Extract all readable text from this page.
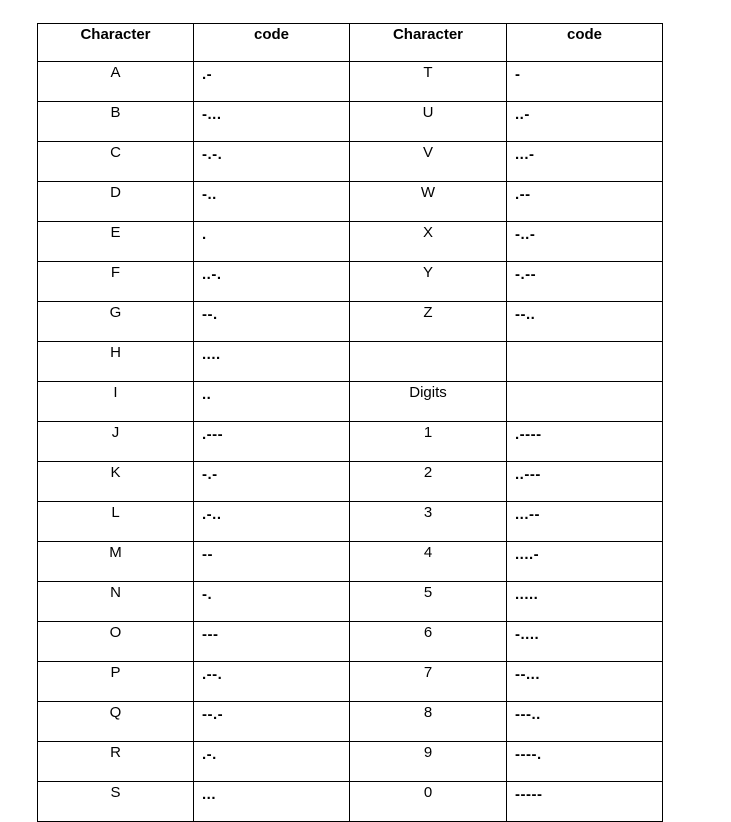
Character	code	Character	code
A	.-	T	-
B	-...	U	..-
C	-.-.	V	...-
D	-..	W	.--
E	.	X	-..-
F	..-.	Y	-.--
G	--.	Z	--..
H	....		
I	..	Digits	
J	.---	1	.----
K	-.-	2	..---
L	.-..	3	...--
M	--	4	....-
N	-.	5	.....
O	---	6	-....
P	.--.	7	--...
Q	--.-	8	---..
R	.-.	9	----.
S	...	0	-----
